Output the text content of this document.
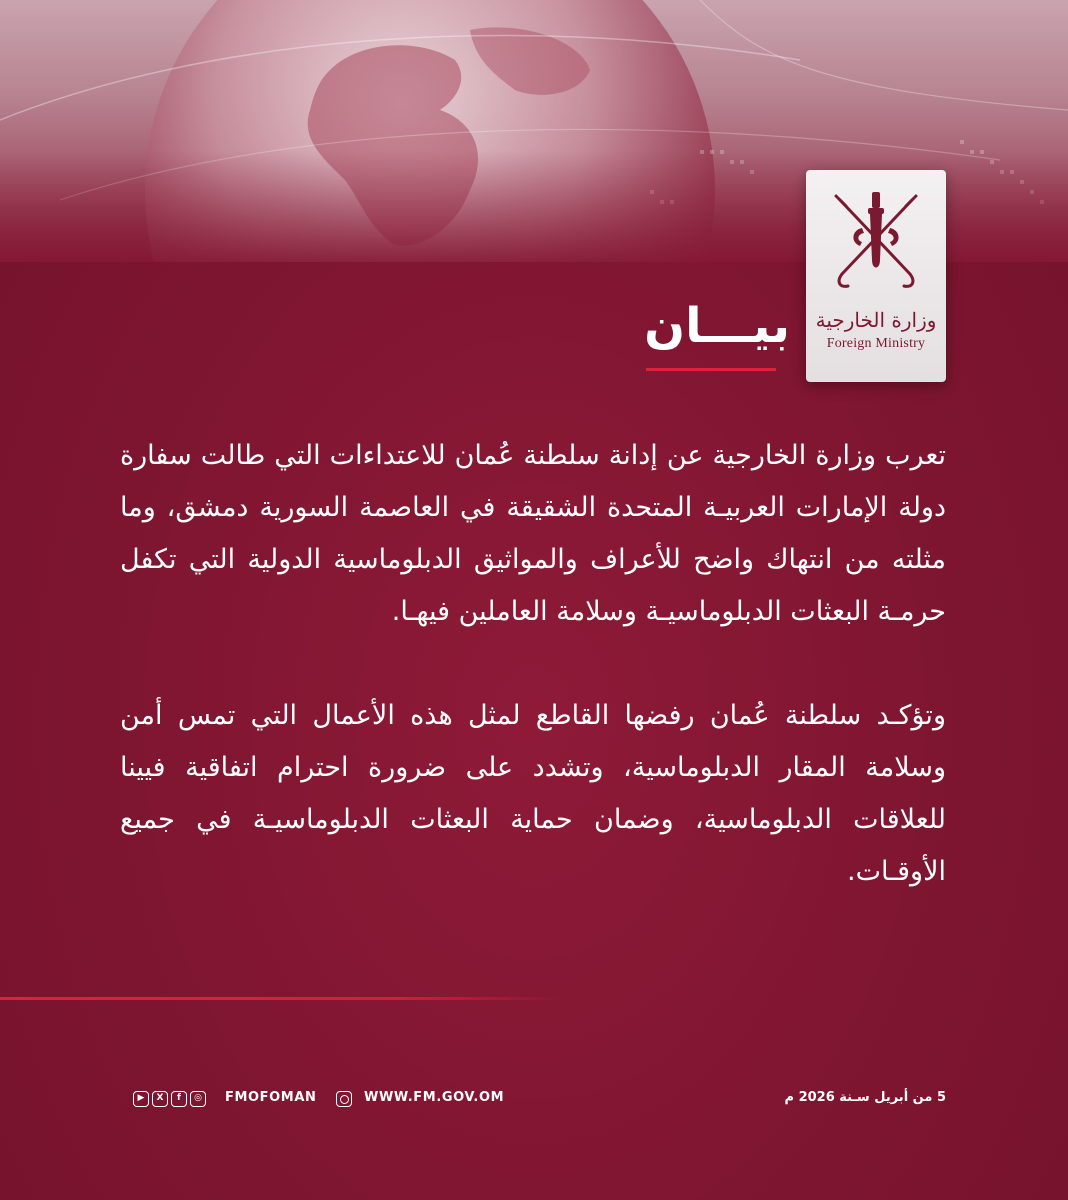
وزارة الخارجية
Foreign Ministry
بيـــان

تعرب وزارة الخارجية عن إدانة سلطنة عُمان للاعتداءات التي طالت سفارة دولة الإمارات العربيـة المتحدة الشقيقة في العاصمة السورية دمشق، وما مثلته من انتهاك واضح للأعراف والمواثيق الدبلوماسية الدولية التي تكفل حرمـة البعثات الدبلوماسيـة وسلامة العاملين فيهـا.

وتؤكـد سلطنة عُمان رفضها القاطع لمثل هذه الأعمال التي تمس أمن وسلامة المقار الدبلوماسية، وتشدد على ضرورة احترام اتفاقية فيينا للعلاقات الدبلوماسية، وضمان حماية البعثات الدبلوماسيـة في جميع الأوقـات.

▶	X	f	◎	FMOFOMAN	WWW.FM.GOV.OM	5 من أبريل سـنة 2026 م
